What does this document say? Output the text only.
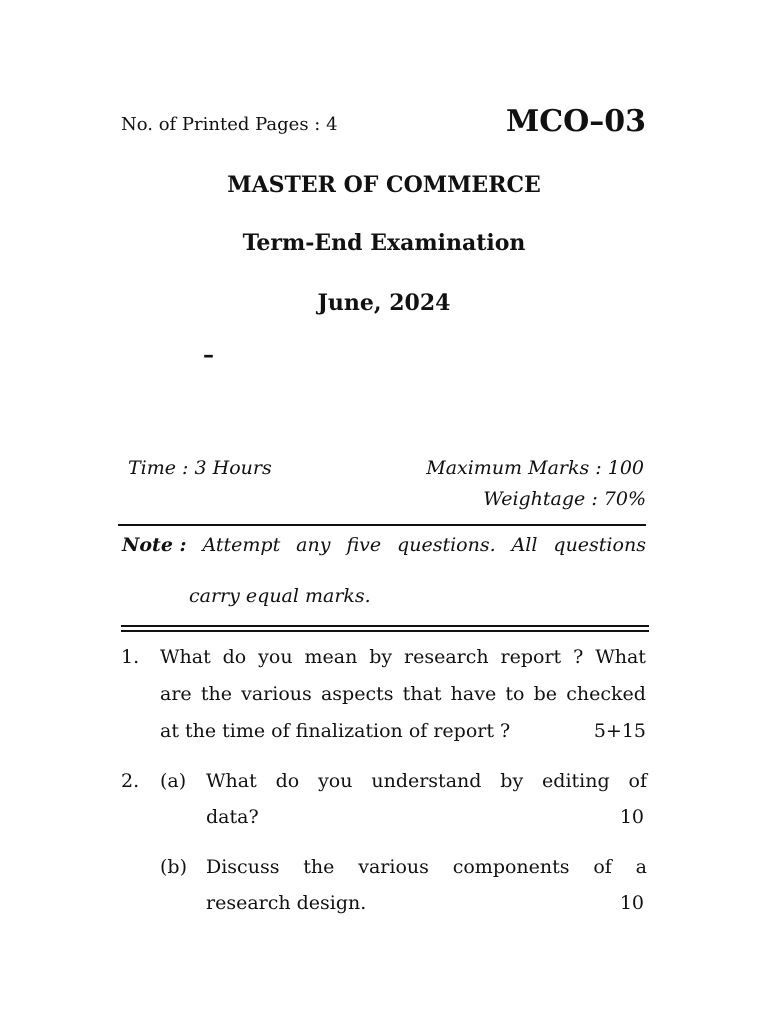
No. of Printed Pages : 4	MCO–03
MASTER OF COMMERCE
Term-End Examination
June, 2024
–
Time : 3 Hours	Maximum Marks : 100
Weightage : 70%
Note : Attempt any five questions. All questions
carry equal marks.
1. What do you mean by research report ? What
are the various aspects that have to be checked
at the time of finalization of report ?	5+15
2. (a) What do you understand by editing of
data?	10
(b) Discuss the various components of a
research design.	10
